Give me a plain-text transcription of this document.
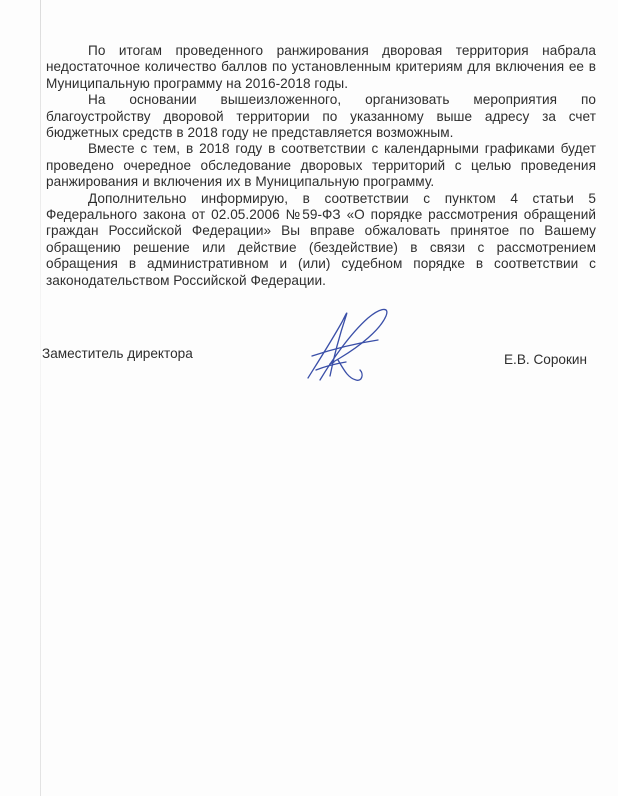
По итогам проведенного ранжирования дворовая территория набрала недостаточное количество баллов по установленным критериям для включения ее в Муниципальную программу на 2016-2018 годы.

На основании вышеизложенного, организовать мероприятия по благоустройству дворовой территории по указанному выше адресу за счет бюджетных средств в 2018 году не представляется возможным.

Вместе с тем, в 2018 году в соответствии с календарными графиками будет проведено очередное обследование дворовых территорий с целью проведения ранжирования и включения их в Муниципальную программу.

Дополнительно информирую, в соответствии с пунктом 4 статьи 5 Федерального закона от 02.05.2006 №59-ФЗ «О порядке рассмотрения обращений граждан Российской Федерации» Вы вправе обжаловать принятое по Вашему обращению решение или действие (бездействие) в связи с рассмотрением обращения в административном и (или) судебном порядке в соответствии с законодательством Российской Федерации.

Заместитель директора	Е.В. Сорокин
